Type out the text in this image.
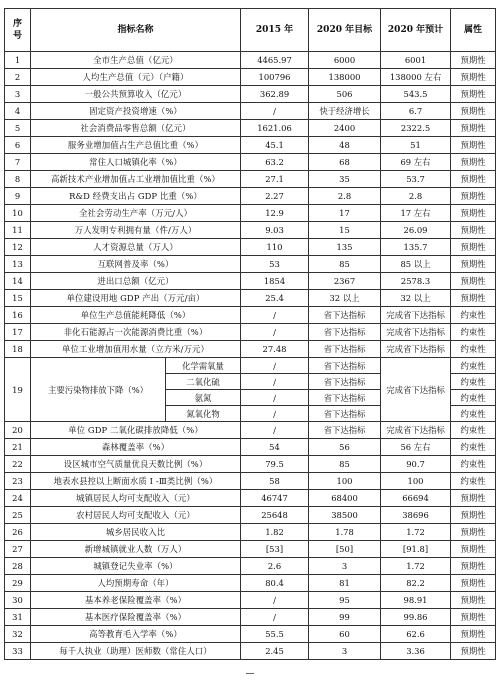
序
号	指标名称		2015 年	2020 年目标	2020 年预计	属性
1	全市生产总值（亿元）		4465.97	6000	6001	预期性
2	人均生产总值（元）（户籍）		100796	138000	138000 左右	预期性
3	一般公共预算收入（亿元）		362.89	506	543.5	预期性
4	固定资产投资增速（%）		/	快于经济增长	6.7	预期性
5	社会消费品零售总额（亿元）		1621.06	2400	2322.5	预期性
6	服务业增加值占生产总值比重（%）		45.1	48	51	预期性
7	常住人口城镇化率（%）		63.2	68	69 左右	预期性
8	高新技术产业增加值占工业增加值比重（%）		27.1	35	53.7	预期性
9	R&D 经费支出占 GDP 比重（%）		2.27	2.8	2.8	预期性
10	全社会劳动生产率（万元/人）		12.9	17	17 左右	预期性
11	万人发明专利拥有量（件/万人）		9.03	15	26.09	预期性
12	人才资源总量（万人）		110	135	135.7	预期性
13	互联网普及率（%）		53	85	85 以上	预期性
14	进出口总额（亿元）		1854	2367	2578.3	预期性
15	单位建设用地 GDP 产出（万元/亩）		25.4	32 以上	32 以上	预期性
16	单位生产总值能耗降低（%）		/	省下达指标	完成省下达指标	约束性
17	非化石能源占一次能源消费比重（%）		/	省下达指标	完成省下达指标	约束性
18	单位工业增加值用水量（立方米/万元）		27.48	省下达指标	完成省下达指标	约束性
19	主要污染物排放下降（%）	化学需氧量	/	省下达指标	完成省下达指标	约束性
		二氧化硫	/	省下达指标		约束性
		氨氮	/	省下达指标		约束性
		氮氧化物	/	省下达指标		约束性
20	单位 GDP 二氧化碳排放降低（%）		/	省下达指标	完成省下达指标	约束性
21	森林覆盖率（%）		54	56	56 左右	约束性
22	设区城市空气质量优良天数比例（%）		79.5	85	90.7	约束性
23	地表水县控以上断面水质 I -Ⅲ类比例（%）		58	100	100	约束性
24	城镇居民人均可支配收入（元）		46747	68400	66694	预期性
25	农村居民人均可支配收入（元）		25648	38500	38696	预期性
26	城乡居民收入比		1.82	1.78	1.72	预期性
27	新增城镇就业人数（万人）		[53]	[50]	[91.8]	预期性
28	城镇登记失业率（%）		2.6	3	1.72	预期性
29	人均预期寿命（年）		80.4	81	82.2	预期性
30	基本养老保险覆盖率（%）		/	95	98.91	预期性
31	基本医疗保险覆盖率（%）		/	99	99.86	预期性
32	高等教育毛入学率（%）		55.5	60	62.6	预期性
33	每千人执业（助理）医师数（常住人口）		2.45	3	3.36	预期性
